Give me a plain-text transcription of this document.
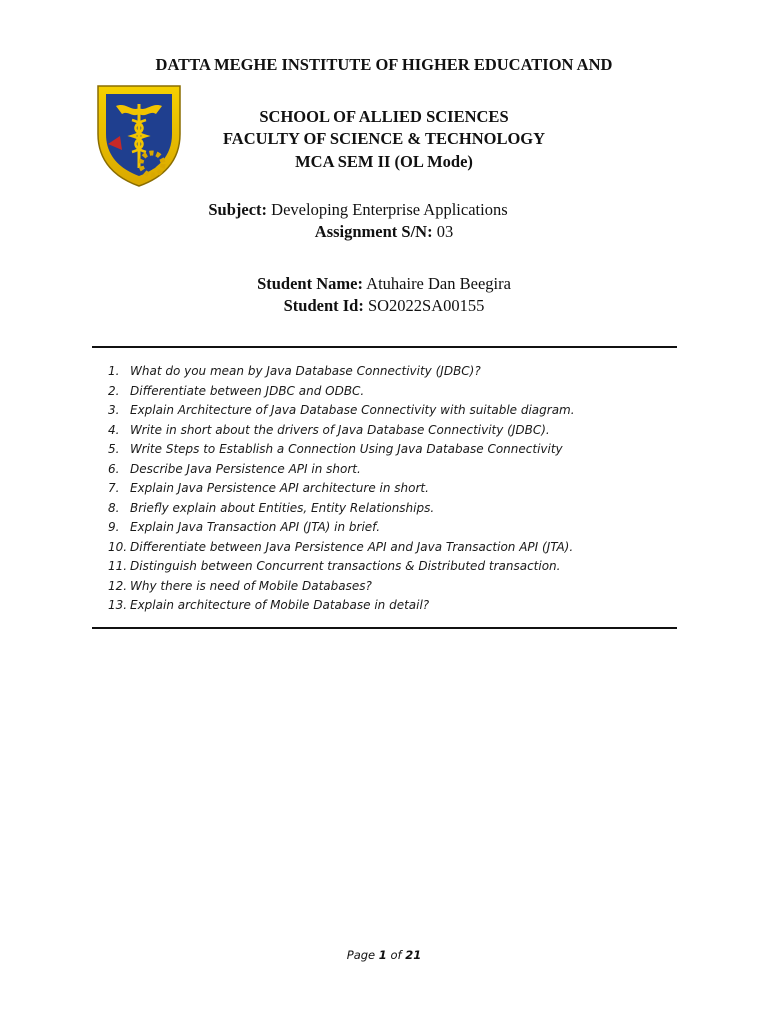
DATTA MEGHE INSTITUTE OF HIGHER EDUCATION AND
SCHOOL OF ALLIED SCIENCES
FACULTY OF SCIENCE & TECHNOLOGY
MCA SEM II (OL Mode)
Subject: Developing Enterprise Applications
Assignment S/N: 03
Student Name: Atuhaire Dan Beegira
Student Id: SO2022SA00155
1. What do you mean by Java Database Connectivity (JDBC)?
2. Differentiate between JDBC and ODBC.
3. Explain Architecture of Java Database Connectivity with suitable diagram.
4. Write in short about the drivers of Java Database Connectivity (JDBC).
5. Write Steps to Establish a Connection Using Java Database Connectivity
6. Describe Java Persistence API in short.
7. Explain Java Persistence API architecture in short.
8. Briefly explain about Entities, Entity Relationships.
9. Explain Java Transaction API (JTA) in brief.
10. Differentiate between Java Persistence API and Java Transaction API (JTA).
11. Distinguish between Concurrent transactions & Distributed transaction.
12. Why there is need of Mobile Databases?
13. Explain architecture of Mobile Database in detail?
Page 1 of 21
